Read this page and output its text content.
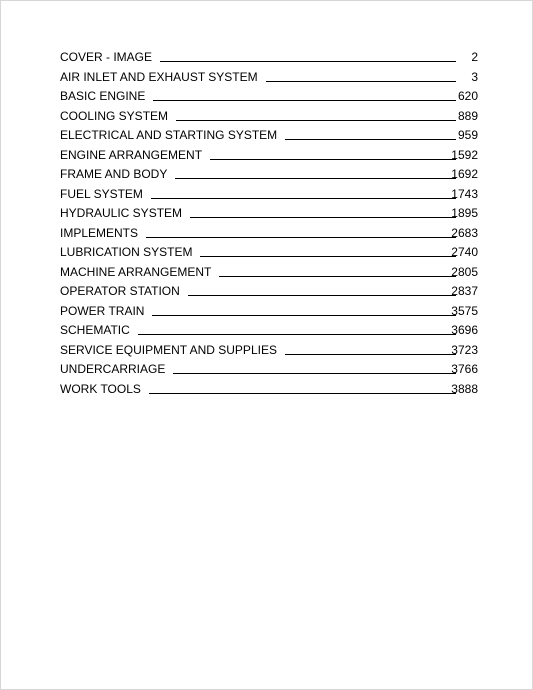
COVER - IMAGE	2
AIR INLET AND EXHAUST SYSTEM	3
BASIC ENGINE	620
COOLING SYSTEM	889
ELECTRICAL AND STARTING SYSTEM	959
ENGINE ARRANGEMENT	1592
FRAME AND BODY	1692
FUEL SYSTEM	1743
HYDRAULIC SYSTEM	1895
IMPLEMENTS	2683
LUBRICATION SYSTEM	2740
MACHINE ARRANGEMENT	2805
OPERATOR STATION	2837
POWER TRAIN	3575
SCHEMATIC	3696
SERVICE EQUIPMENT AND SUPPLIES	3723
UNDERCARRIAGE	3766
WORK TOOLS	3888
